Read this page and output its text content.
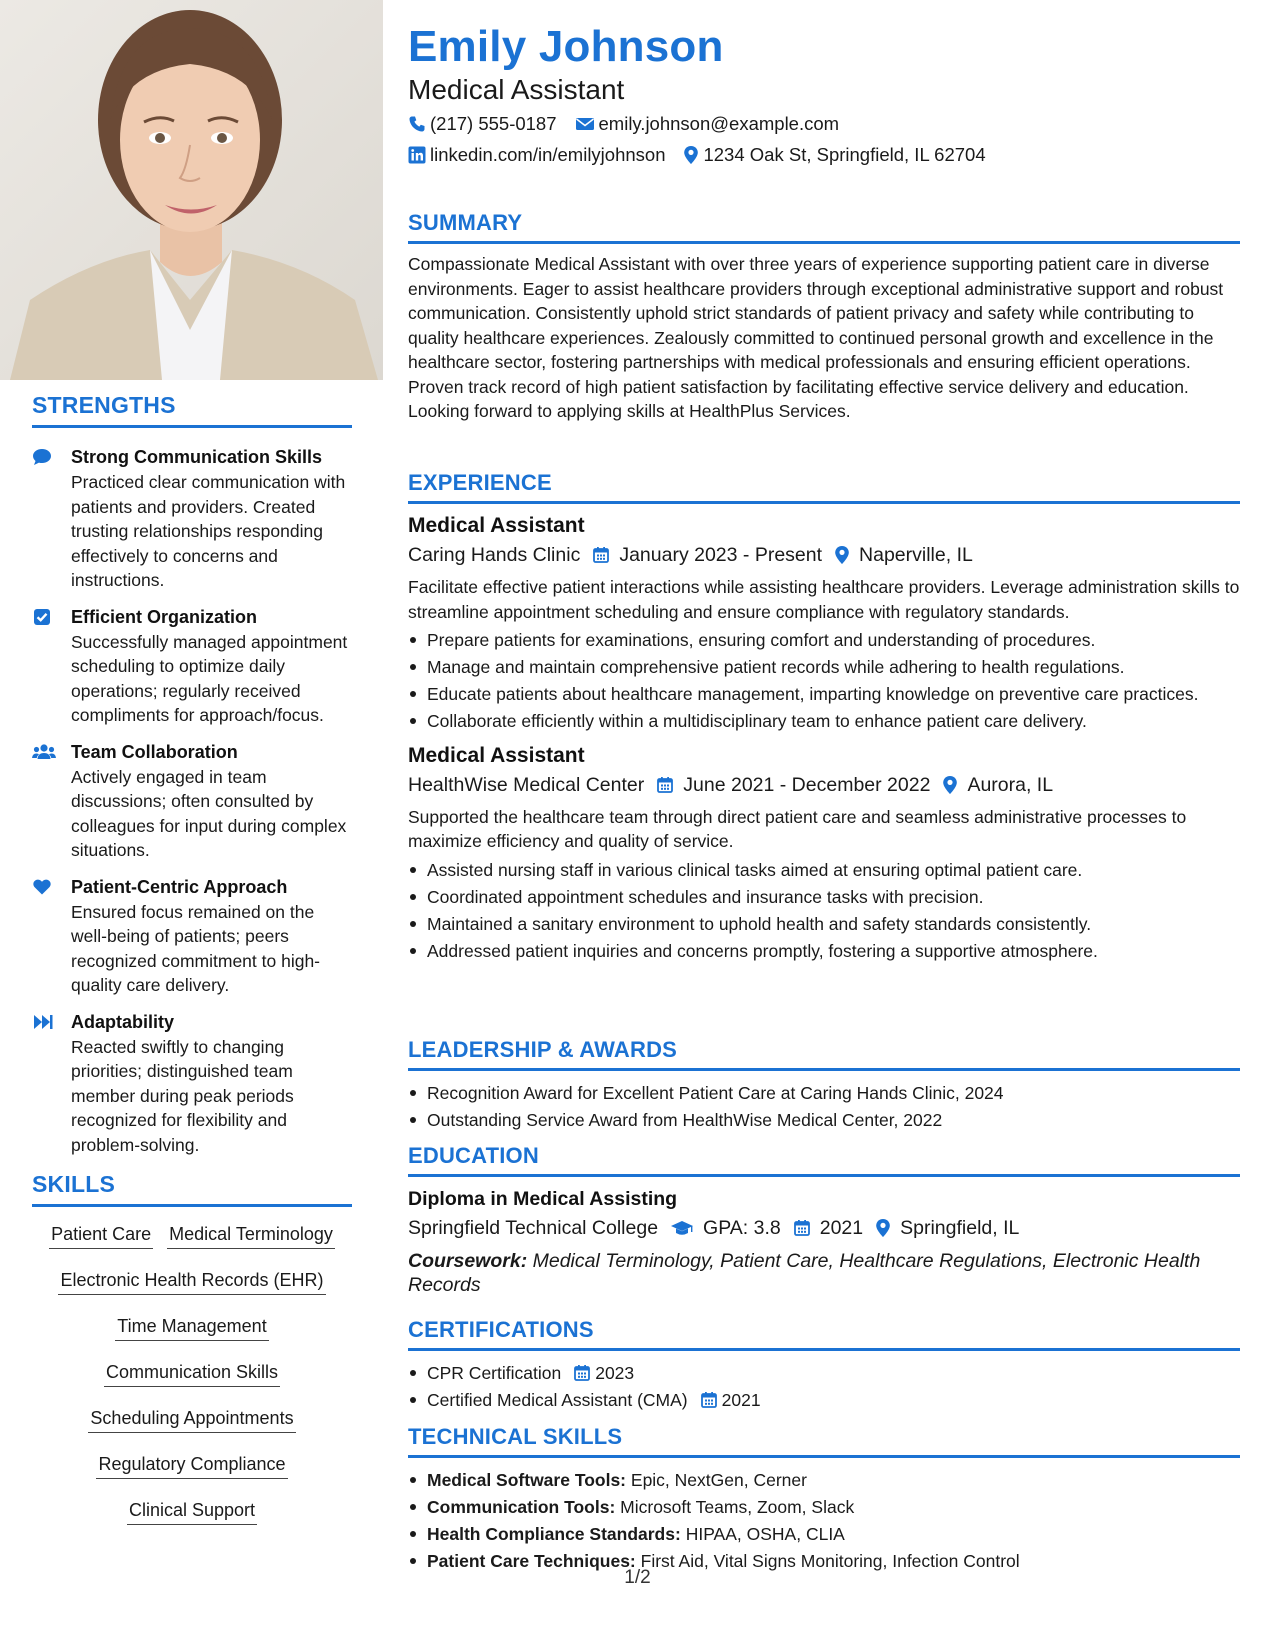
STRENGTHS
Strong Communication Skills
Practiced clear communication with patients and providers. Created trusting relationships responding effectively to concerns and instructions.
Efficient Organization
Successfully managed appointment scheduling to optimize daily operations; regularly received compliments for approach/focus.
Team Collaboration
Actively engaged in team discussions; often consulted by colleagues for input during complex situations.
Patient-Centric Approach
Ensured focus remained on the well-being of patients; peers recognized commitment to high-quality care delivery.
Adaptability
Reacted swiftly to changing priorities; distinguished team member during peak periods recognized for flexibility and problem-solving.
SKILLS
Patient Care Medical Terminology
Electronic Health Records (EHR)
Time Management
Communication Skills
Scheduling Appointments
Regulatory Compliance
Clinical Support
Emily Johnson
Medical Assistant
(217) 555-0187 emily.johnson@example.com
linkedin.com/in/emilyjohnson 1234 Oak St, Springfield, IL 62704
SUMMARY
Compassionate Medical Assistant with over three years of experience supporting patient care in diverse environments. Eager to assist healthcare providers through exceptional administrative support and robust communication. Consistently uphold strict standards of patient privacy and safety while contributing to quality healthcare experiences. Zealously committed to continued personal growth and excellence in the healthcare sector, fostering partnerships with medical professionals and ensuring efficient operations. Proven track record of high patient satisfaction by facilitating effective service delivery and education. Looking forward to applying skills at HealthPlus Services.
EXPERIENCE
Medical Assistant
Caring Hands Clinic January 2023 - Present Naperville, IL
Facilitate effective patient interactions while assisting healthcare providers. Leverage administration skills to streamline appointment scheduling and ensure compliance with regulatory standards.
Prepare patients for examinations, ensuring comfort and understanding of procedures.
Manage and maintain comprehensive patient records while adhering to health regulations.
Educate patients about healthcare management, imparting knowledge on preventive care practices.
Collaborate efficiently within a multidisciplinary team to enhance patient care delivery.
Medical Assistant
HealthWise Medical Center June 2021 - December 2022 Aurora, IL
Supported the healthcare team through direct patient care and seamless administrative processes to maximize efficiency and quality of service.
Assisted nursing staff in various clinical tasks aimed at ensuring optimal patient care.
Coordinated appointment schedules and insurance tasks with precision.
Maintained a sanitary environment to uphold health and safety standards consistently.
Addressed patient inquiries and concerns promptly, fostering a supportive atmosphere.
LEADERSHIP & AWARDS
Recognition Award for Excellent Patient Care at Caring Hands Clinic, 2024
Outstanding Service Award from HealthWise Medical Center, 2022
EDUCATION
Diploma in Medical Assisting
Springfield Technical College GPA: 3.8 2021 Springfield, IL
Coursework: Medical Terminology, Patient Care, Healthcare Regulations, Electronic Health Records
CERTIFICATIONS
CPR Certification 2023
Certified Medical Assistant (CMA) 2021
TECHNICAL SKILLS
Medical Software Tools: Epic, NextGen, Cerner
Communication Tools: Microsoft Teams, Zoom, Slack
Health Compliance Standards: HIPAA, OSHA, CLIA
Patient Care Techniques: First Aid, Vital Signs Monitoring, Infection Control
1/2
